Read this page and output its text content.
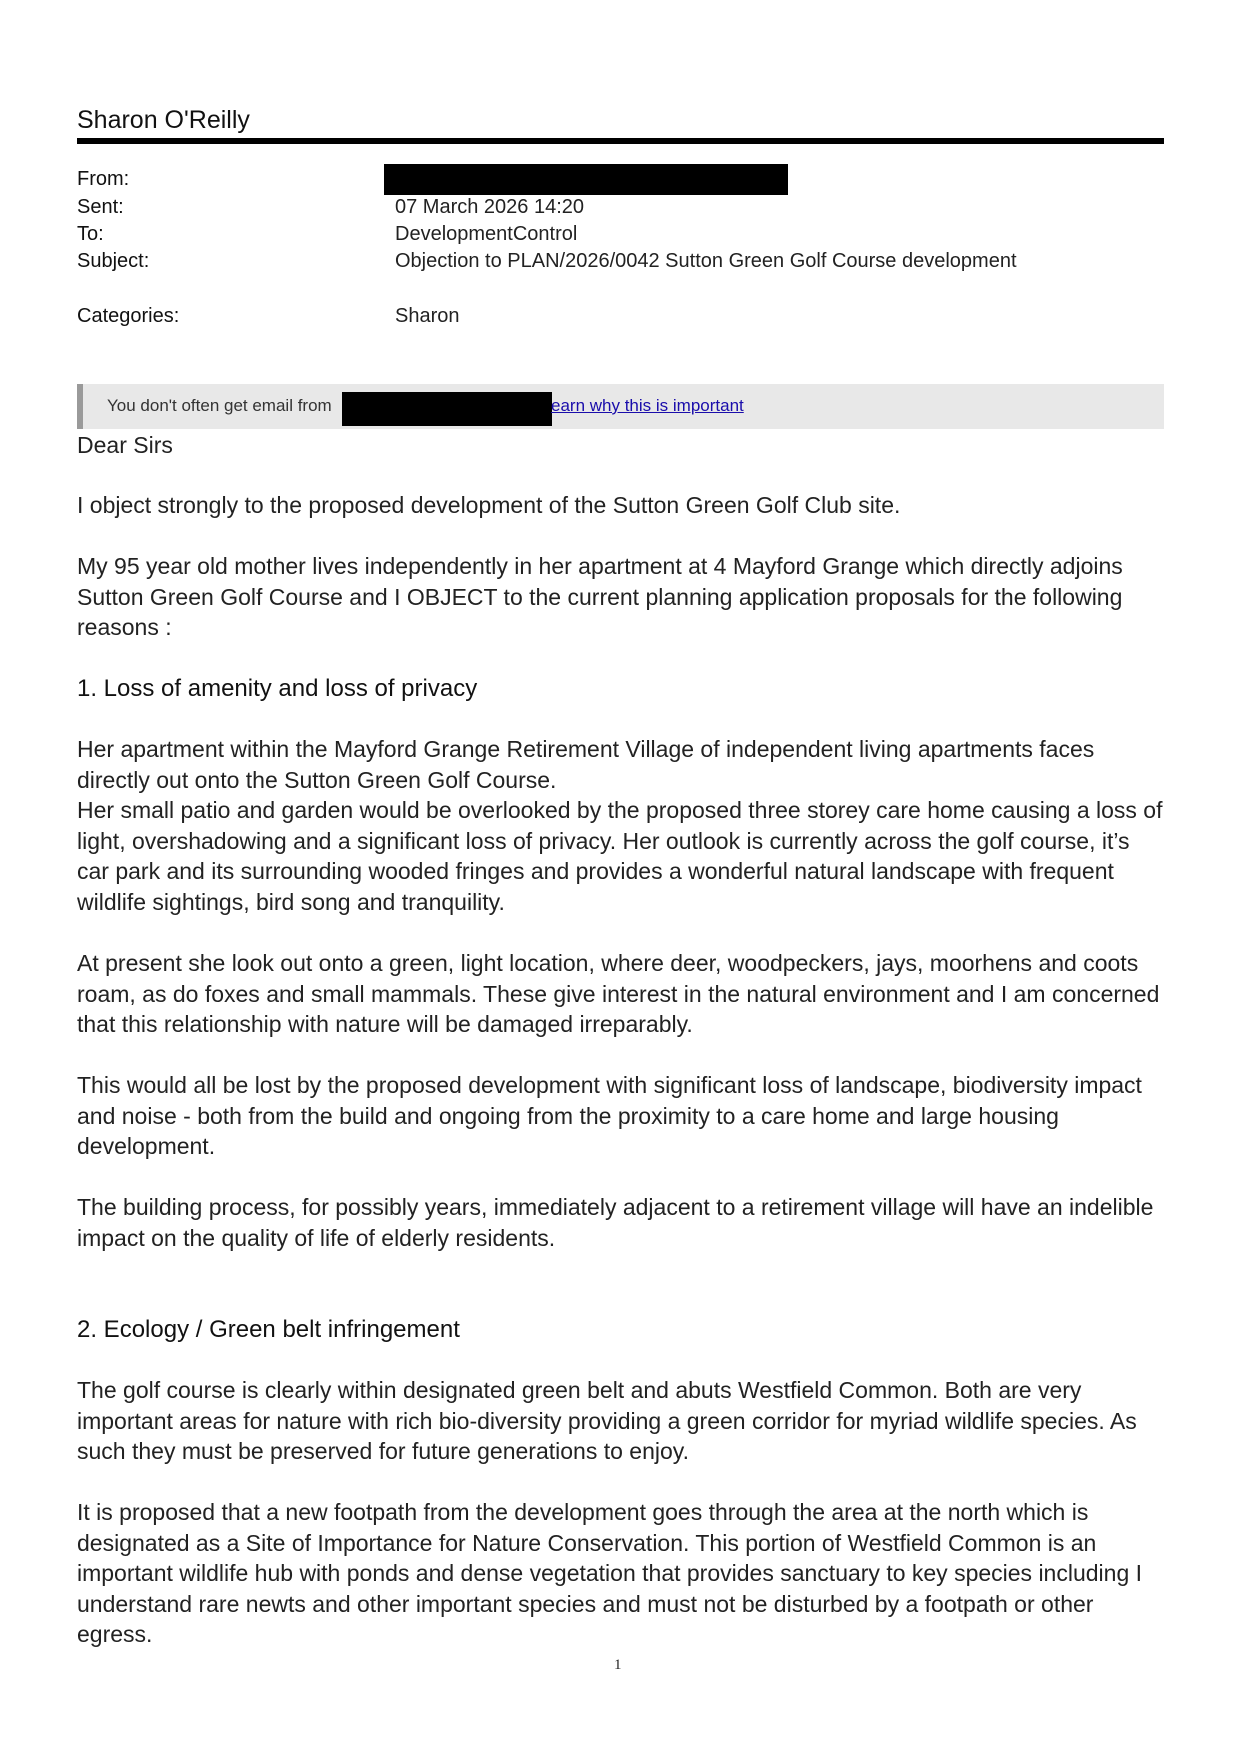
Sharon O'Reilly
From:
Sent:	07 March 2026 14:20
To:	DevelopmentControl
Subject:	Objection to PLAN/2026/0042 Sutton Green Golf Course development
Categories:	Sharon
You don't often get email from	earn why this is important

Dear Sirs

I object strongly to the proposed development of the Sutton Green Golf Club site.

My 95 year old mother lives independently in her apartment at 4 Mayford Grange which directly adjoins Sutton Green Golf Course and I OBJECT to the current planning application proposals for the following reasons :

1. Loss of amenity and loss of privacy

Her apartment within the Mayford Grange Retirement Village of independent living apartments faces directly out onto the Sutton Green Golf Course.

Her small patio and garden would be overlooked by the proposed three storey care home causing a loss of light, overshadowing and a significant loss of privacy. Her outlook is currently across the golf course, it’s car park and its surrounding wooded fringes and provides a wonderful natural landscape with frequent wildlife sightings, bird song and tranquility.

At present she look out onto a green, light location, where deer, woodpeckers, jays, moorhens and coots roam, as do foxes and small mammals. These give interest in the natural environment and I am concerned that this relationship with nature will be damaged irreparably.

This would all be lost by the proposed development with significant loss of landscape, biodiversity impact and noise - both from the build and ongoing from the proximity to a care home and large housing development.

The building process, for possibly years, immediately adjacent to a retirement village will have an indelible impact on the quality of life of elderly residents.

2. Ecology / Green belt infringement

The golf course is clearly within designated green belt and abuts Westfield Common. Both are very important areas for nature with rich bio-diversity providing a green corridor for myriad wildlife species. As such they must be preserved for future generations to enjoy.

It is proposed that a new footpath from the development goes through the area at the north which is designated as a Site of Importance for Nature Conservation. This portion of Westfield Common is an important wildlife hub with ponds and dense vegetation that provides sanctuary to key species including I understand rare newts and other important species and must not be disturbed by a footpath or other egress.

1
